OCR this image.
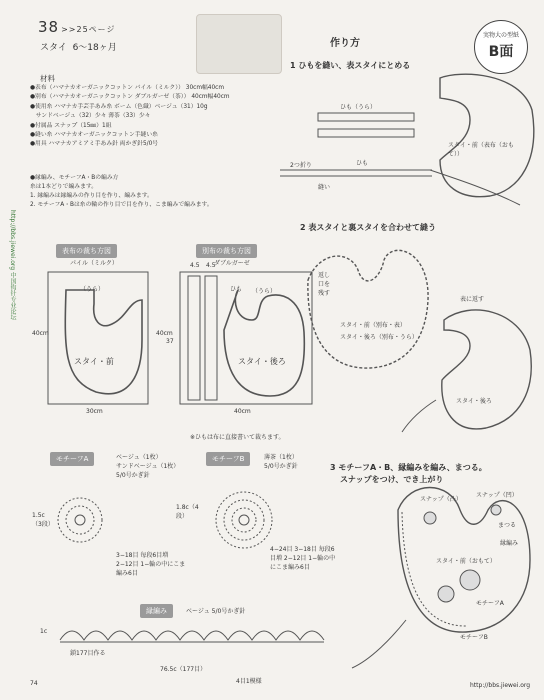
38 >>25ページ
スタイ 6〜18ヶ月
材料
●表布（ハマナカオーガニックコットン パイル（ミルク）） 30cm幅40cm
●別布（ハマナカオーガニックコットン ダブルガーゼ（茶）） 40cm幅40cm
●使用糸 ハマナカ手芸手あみ糸 ボーム（色織）ベージュ（31）10g
　サンドベージュ（32）少々 薄茶（33）少々
●付属品 スナップ（15㎜）1組
●縫い糸 ハマナカオーガニックコットン手縫い糸
●用具 ハマナカアミアミ手あみ針 両かぎ針5/0号
●縁編み、モチーフA・Bの編み方
糸は1本どりで編みます。
1. 縁編みは縁編みの作り目を作り、編みます。
2. モチーフA・Bは糸の輪の作り目で目を作り、こま編みで編みます。
http://bbs.jiewei.org 中国钩针专业论坛
実物大の型紙
B面
作り方
1 ひもを縫い、表スタイにとめる
ひも（うら）
ひも
2つ折り
縫い
スタイ・前（表布（おもて））
2 表スタイと裏スタイを合わせて縫う
返し口を残す
スタイ・前（別布・表）
スタイ・後ろ（別布・うら）
表に返す
スタイ・後ろ
3 モチーフA・B、縁編みを編み、まつる。
スナップをつけ、でき上がり
スナップ（凸）
スナップ（凹）
縁編み
スタイ・前（おもて）
モチーフA
モチーフB
まつる
表布の裁ち方図
パイル（ミルク）
別布の裁ち方図
ダブルガーゼ
（うら）	（うら）
スタイ・前	スタイ・後ろ
ひも
30cm	40cm
40cm	40cm
37
4.5 4.5
※ひもは布に直接書いて裁ちます。
モチーフA	ベージュ（1枚）
サンドベージュ（1枚）
5/0号かぎ針
1.5c（3段）
3−18目 毎段6目増 2−12目 1−輪の中にこま編み6目
モチーフB	薄茶（1枚）
5/0号かぎ針
1.8c（4段）
4−24目 3−18目 毎段6目増 2−12目 1−輪の中にこま編み6目
縁編み	ベージュ 5/0号かぎ針
1c
鎖177目作る
76.5c（177目）
4目1模様
74	http://bbs.jiewei.org
